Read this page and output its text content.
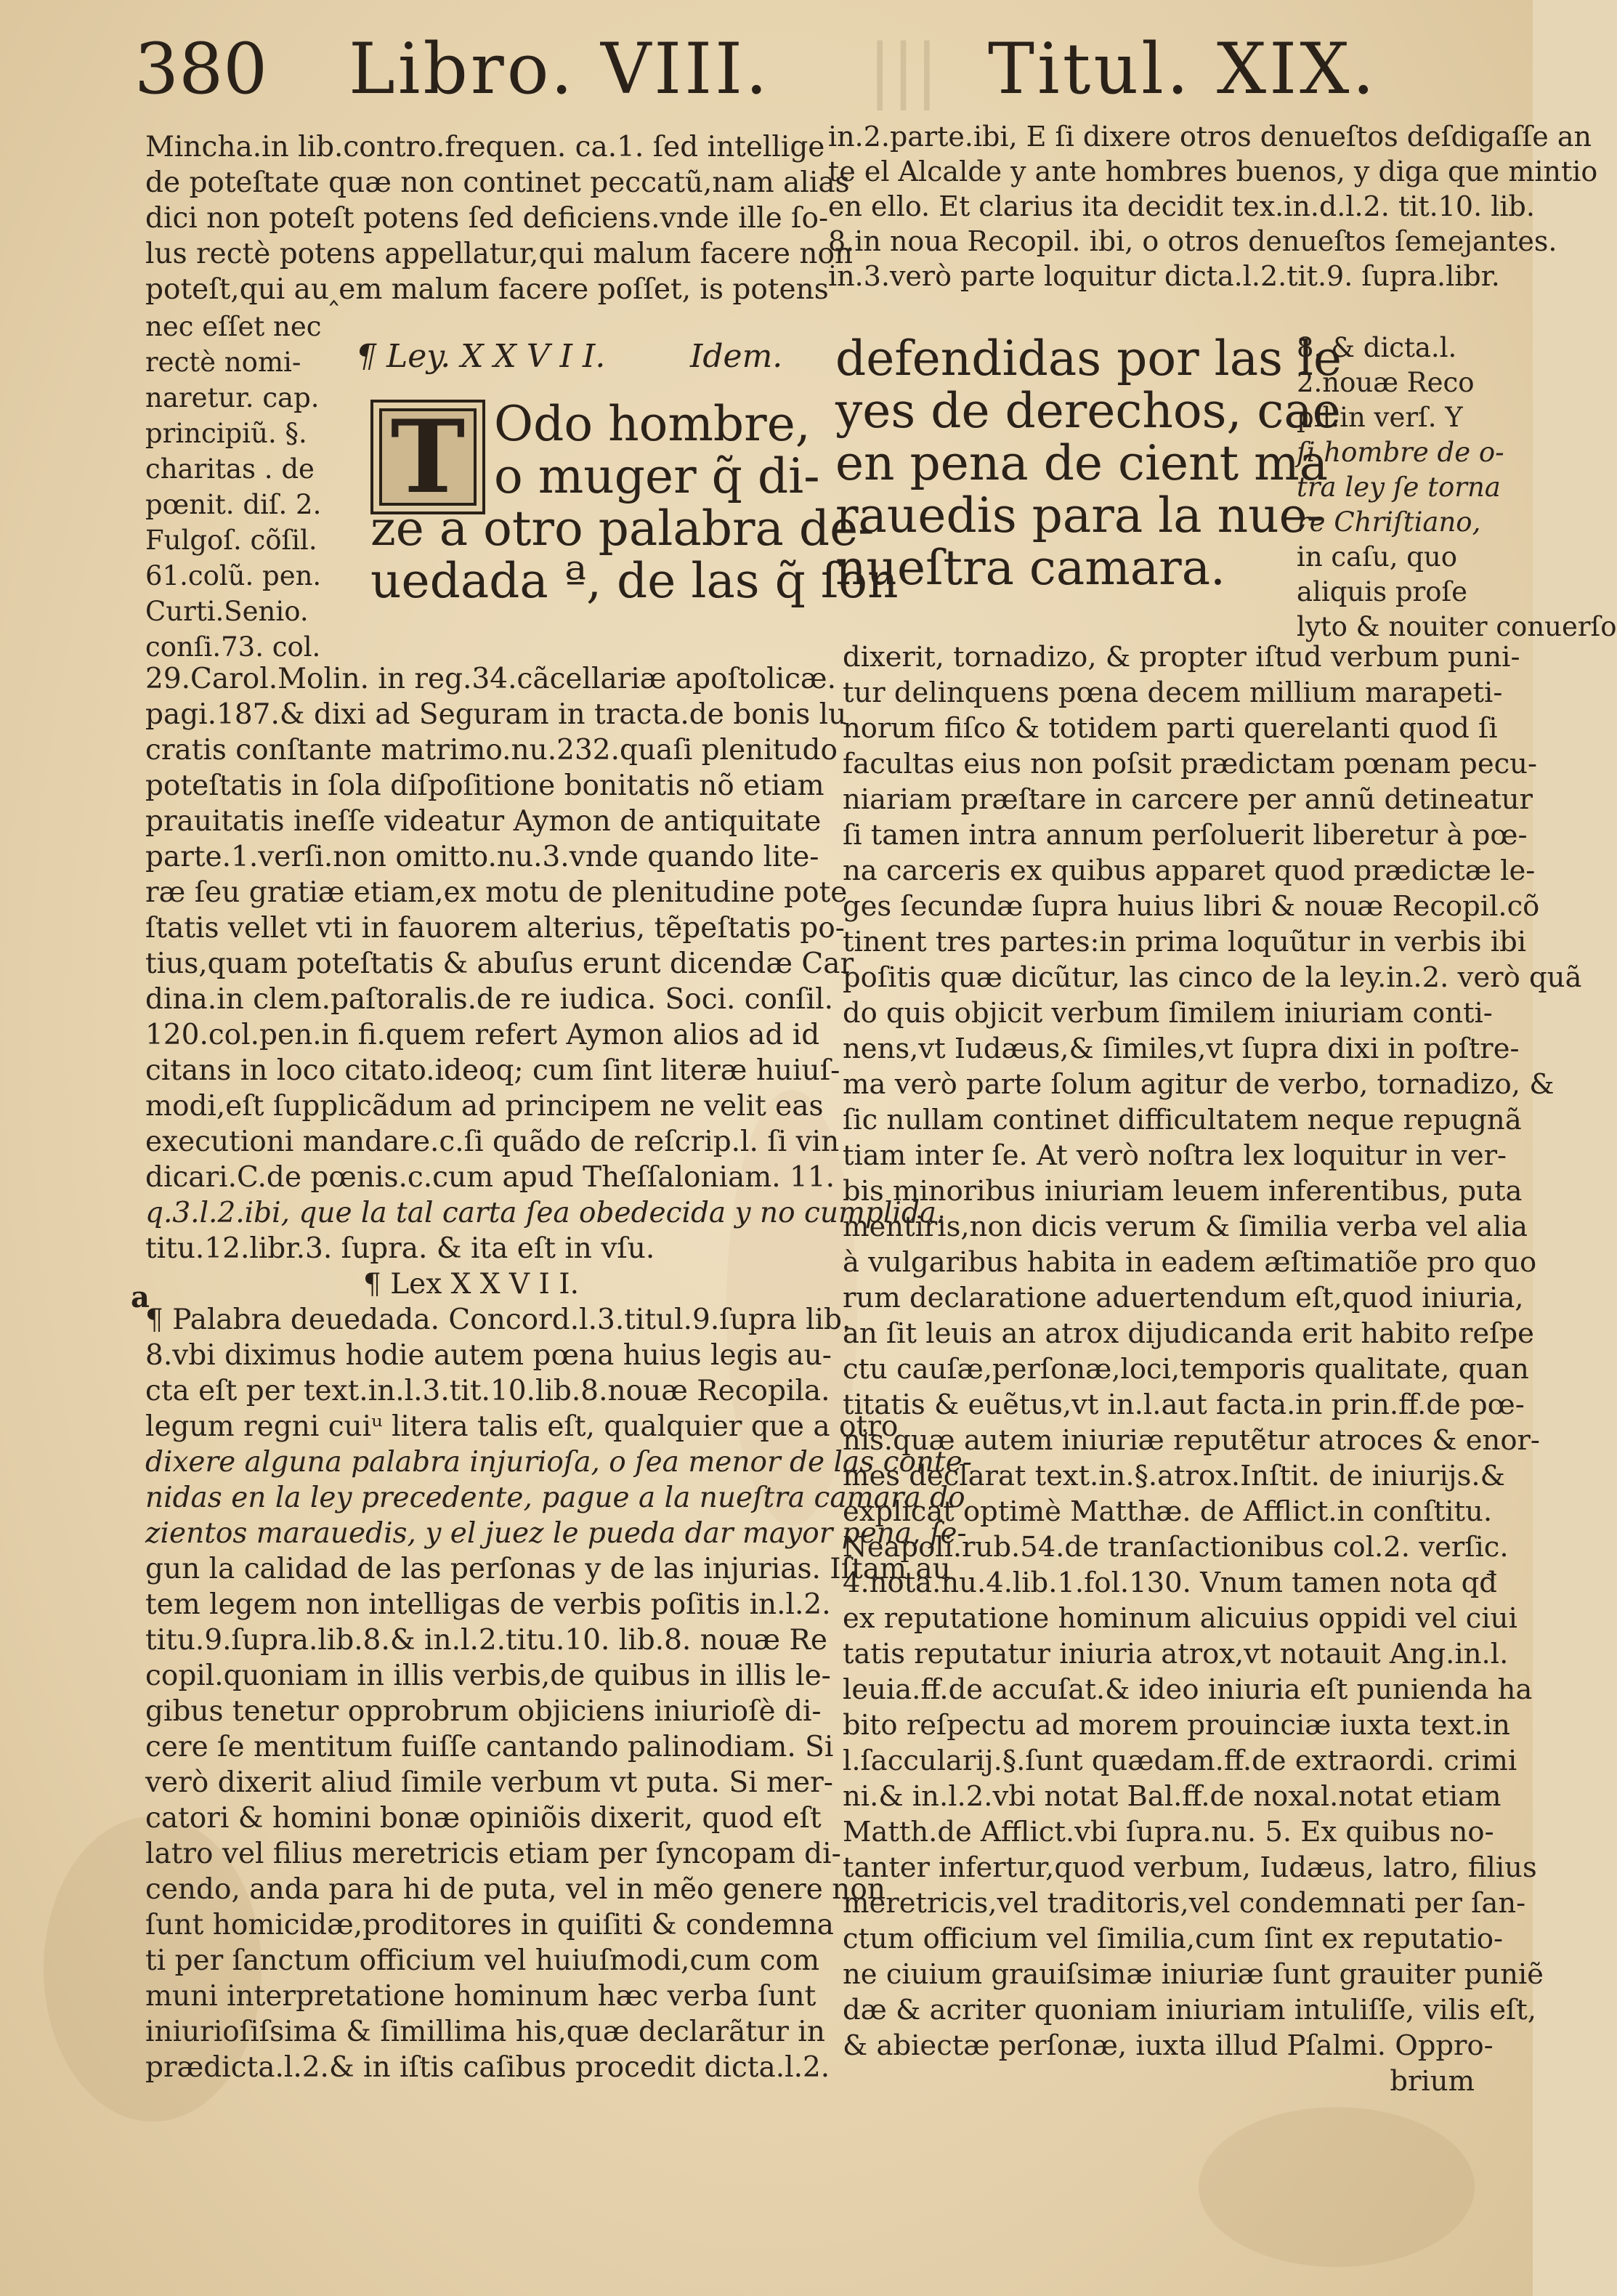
380 Libro. VIII. ||| Titul. XIX.
Mincha.in lib.contro.frequen. ca.1. ſed intellige
de poteſtate quæ non continet peccatũ,nam alias
dici non poteſt potens ſed deficiens.vnde ille ſo-
lus rectè potens appellatur,qui malum facere non
poteſt,qui au‸em malum facere poſſet, is potens
nec eſſet nec
rectè nomi-
naretur. cap.
principiũ. §.
charitas . de
pœnit. diſ. 2.
Fulgoſ. cõſil.
61.colũ. pen.
Curti.Senio.
conſi.73. col.
¶ Ley. X X V I I.	Idem.
T Odo hombre,
o muger q̃ di-
ze a otro palabra de-
uedada ª, de las q̃ ſon
defendidas por las le
yes de derechos, cae
en pena de cient ma
rauedis para la nue-
nueſtra camara.
29.Carol.Molin. in reg.34.cãcellariæ apoſtolicæ.
pagi.187.& dixi ad Seguram in tracta.de bonis lu
cratis conſtante matrimo.nu.232.quaſi plenitudo
poteſtatis in ſola diſpoſitione bonitatis nõ etiam
prauitatis ineſſe videatur Aymon de antiquitate
parte.1.verſi.non omitto.nu.3.vnde quando lite-
ræ ſeu gratiæ etiam,ex motu de plenitudine pote
ſtatis vellet vti in fauorem alterius, tẽpeſtatis po-
tius,quam poteſtatis & abuſus erunt dicendæ Car
dina.in clem.paſtoralis.de re iudica. Soci. conſil.
120.col.pen.in fi.quem refert Aymon alios ad id
citans in loco citato.ideoq; cum ſint literæ huiuſ-
modi,eſt ſupplicãdum ad principem ne velit eas
executioni mandare.c.ſi quãdo de reſcrip.l. ſi vin
dicari.C.de pœnis.c.cum apud Theſſaloniam. 11.
q.3.l.2.ibi, que la tal carta ſea obedecida y no cumplida.
titu.12.libr.3. ſupra. & ita eſt in vſu.
¶ Lex X X V I I.
¶ Palabra deuedada. Concord.l.3.titul.9.ſupra lib.
8.vbi diximus hodie autem pœna huius legis au-
cta eſt per text.in.l.3.tit.10.lib.8.nouæ Recopila.
legum regni cuiᵘ litera talis eſt, qualquier que a otro
dixere alguna palabra injurioſa, o ſea menor de las conte-
nidas en la ley precedente, pague a la nueſtra camara do
zientos marauedis, y el juez le pueda dar mayor pena, ſe-
gun la calidad de las perſonas y de las injurias. Iſtam au
tem legem non intelligas de verbis poſitis in.l.2.
titu.9.ſupra.lib.8.& in.l.2.titu.10. lib.8. nouæ Re
copil.quoniam in illis verbis,de quibus in illis le-
gibus tenetur opprobrum objiciens iniurioſè di-
cere ſe mentitum fuiſſe cantando palinodiam. Si
verò dixerit aliud ſimile verbum vt puta. Si mer-
catori & homini bonæ opiniõis dixerit, quod eſt
latro vel filius meretricis etiam per ſyncopam di-
cendo, anda para hi de puta, vel in mẽo genere non
ſunt homicidæ,proditores in quiſiti & condemna
ti per ſanctum officium vel huiuſmodi,cum com
muni interpretatione hominum hæc verba ſunt
iniurioſiſsima & ſimillima his,quæ declarãtur in
prædicta.l.2.& in iſtis caſibus procedit dicta.l.2.
a
in.2.parte.ibi, E ſi dixere otros denueſtos deſdigaſſe an
te el Alcalde y ante hombres buenos, y diga que mintio
en ello. Et clarius ita decidit tex.in.d.l.2. tit.10. lib.
8.in noua Recopil. ibi, o otros denueſtos ſemejantes.
in.3.verò parte loquitur dicta.l.2.tit.9. ſupra.libr.
8. & dicta.l.
2.nouæ Reco
pil.in verſ. Y
ſi hombre de o-
tra ley ſe torna
re Chriſtiano,
in caſu, quo
aliquis proſe
lyto & nouiter conuerſo
dixerit, tornadizo, & propter iſtud verbum puni-
tur delinquens pœna decem millium marapeti-
norum fiſco & totidem parti querelanti quod ſi
facultas eius non poſsit prædictam pœnam pecu-
niariam præſtare in carcere per annũ detineatur
ſi tamen intra annum perſoluerit liberetur à pœ-
na carceris ex quibus apparet quod prædictæ le-
ges ſecundæ ſupra huius libri & nouæ Recopil.cõ
tinent tres partes:in prima loquũtur in verbis ibi
poſitis quæ dicũtur, las cinco de la ley.in.2. verò quã
do quis objicit verbum ſimilem iniuriam conti-
nens,vt Iudæus,& ſimiles,vt ſupra dixi in poſtre-
ma verò parte ſolum agitur de verbo, tornadizo, &
ſic nullam continet difficultatem neque repugnã
tiam inter ſe. At verò noſtra lex loquitur in ver-
bis minoribus iniuriam leuem inferentibus, puta
mentiris,non dicis verum & ſimilia verba vel alia
à vulgaribus habita in eadem æſtimatiõe pro quo
rum declaratione aduertendum eſt,quod iniuria,
an ſit leuis an atrox dijudicanda erit habito reſpe
ctu cauſæ,perſonæ,loci,temporis qualitate, quan
titatis & euẽtus,vt in.l.aut facta.in prin.ff.de pœ-
nis.quæ autem iniuriæ reputẽtur atroces & enor-
mes declarat text.in.§.atrox.Inſtit. de iniurijs.&
explicat optimè Matthæ. de Afflict.in conſtitu.
Neapoli.rub.54.de tranſactionibus col.2. verſic.
4.nota.nu.4.lib.1.fol.130. Vnum tamen nota qđ
ex reputatione hominum alicuius oppidi vel ciui
tatis reputatur iniuria atrox,vt notauit Ang.in.l.
leuia.ff.de accuſat.& ideo iniuria eſt punienda ha
bito reſpectu ad morem prouinciæ iuxta text.in
l.ſaccularij.§.ſunt quædam.ff.de extraordi. crimi
ni.& in.l.2.vbi notat Bal.ff.de noxal.notat etiam
Matth.de Afflict.vbi ſupra.nu. 5. Ex quibus no-
tanter infertur,quod verbum, Iudæus, latro, filius
meretricis,vel traditoris,vel condemnati per ſan-
ctum officium vel ſimilia,cum ſint ex reputatio-
ne ciuium grauiſsimæ iniuriæ ſunt grauiter puniẽ
dæ & acriter quoniam iniuriam intuliſſe, vilis eſt,
& abiectæ perſonæ, iuxta illud Pſalmi. Oppro-
brium
